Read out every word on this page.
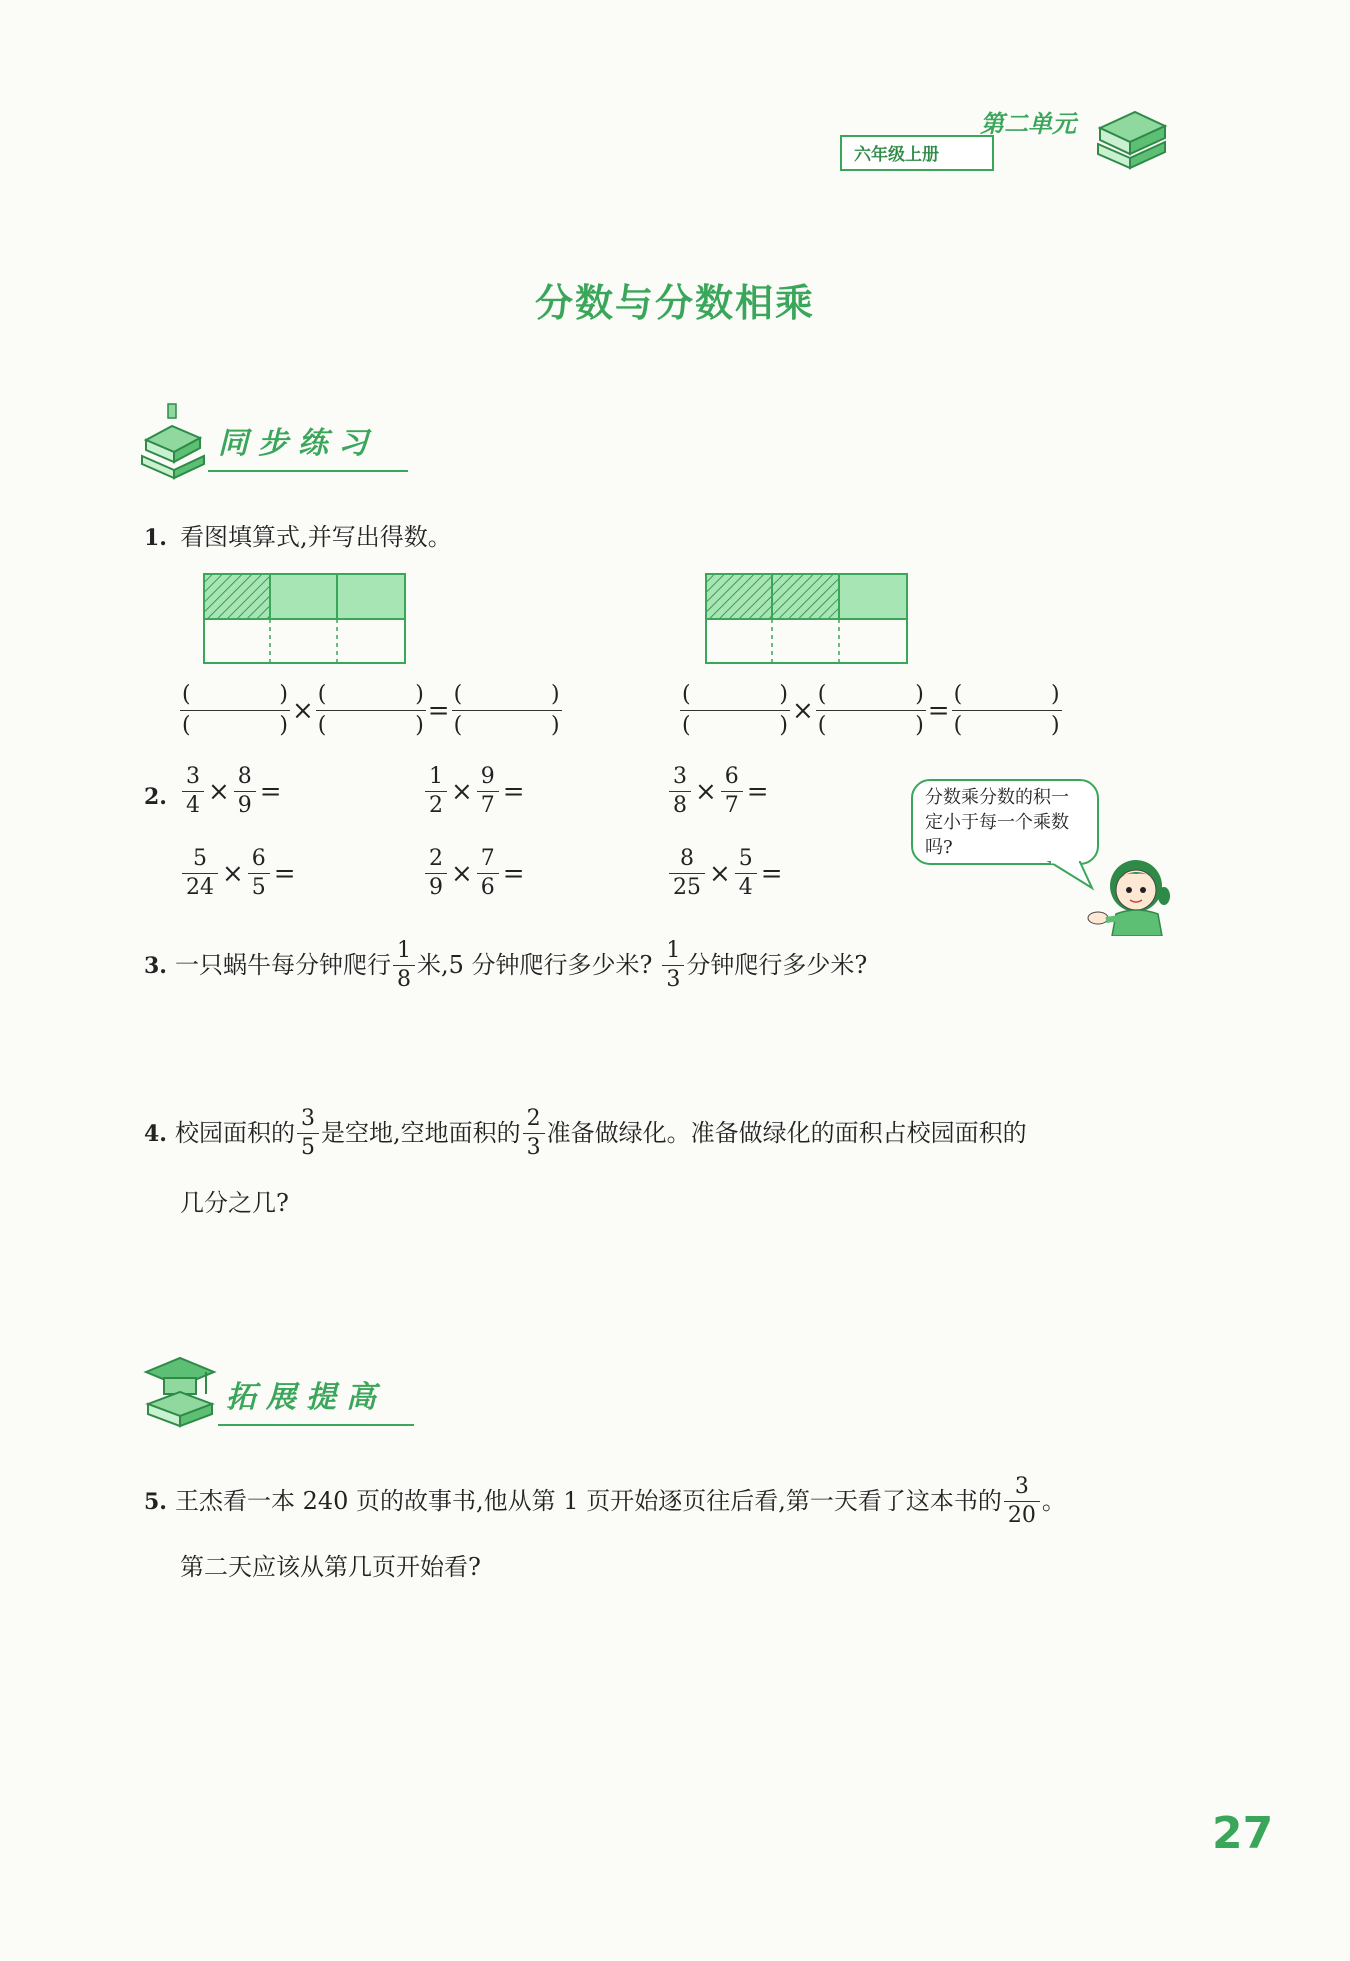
六年级上册
第二单元
分数与分数相乘
同步练习
1. 看图填算式,并写出得数。
(	)
(	) × (	)
(	) = (	)
(	)	(	)
(	) × (	)
(	) = (	)
(	)
2. $\frac{3}{4} \times \frac{8}{9}$ =	$\frac{1}{2} \times \frac{9}{7}$ =	$\frac{3}{8} \times \frac{6}{7}$ =
$\frac{5}{24} \times \frac{6}{5}$ =	$\frac{2}{9} \times \frac{7}{6}$ =	$\frac{8}{25} \times \frac{5}{4}$ =
分数乘分数的积一定小于每一个乘数吗?
3. 一只蜗牛每分钟爬行 $\frac{1}{8}$ 米,5 分钟爬行多少米? $\frac{1}{3}$ 分钟爬行多少米?
4. 校园面积的 $\frac{3}{5}$ 是空地,空地面积的 $\frac{2}{3}$ 准备做绿化。准备做绿化的面积占校园面积的
几分之几?
拓展提高
5. 王杰看一本 240 页的故事书,他从第 1 页开始逐页往后看,第一天看了这本书的 $\frac{3}{20}$ 。
第二天应该从第几页开始看?
27
